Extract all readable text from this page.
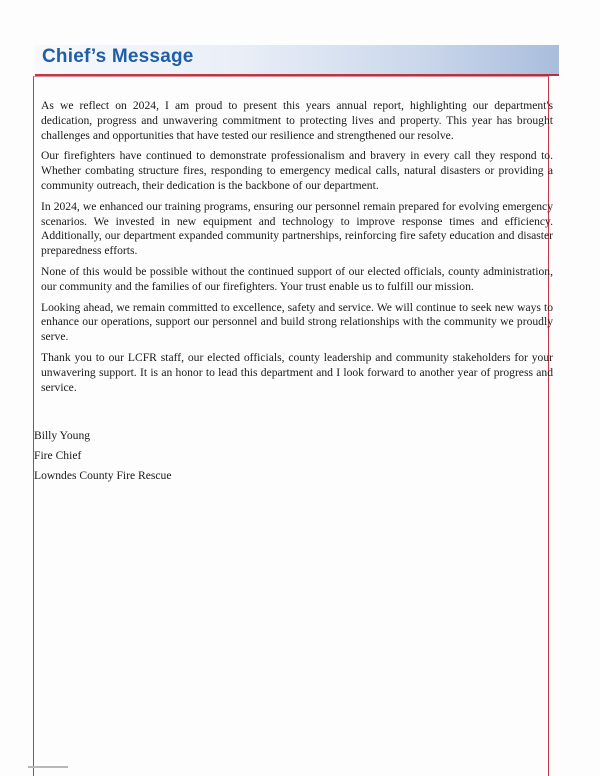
Chief’s Message

As we reflect on 2024, I am proud to present this years annual report, highlighting our department's dedication, progress and unwavering commitment to protecting lives and property. This year has brought challenges and opportunities that have tested our resilience and strengthened our resolve.

Our firefighters have continued to demonstrate professionalism and bravery in every call they respond to. Whether combating structure fires, responding to emergency medical calls, natural disasters or providing a community outreach, their dedication is the backbone of our department.

In 2024, we enhanced our training programs, ensuring our personnel remain prepared for evolving emergency scenarios. We invested in new equipment and technology to improve response times and efficiency. Additionally, our department expanded community partnerships, reinforcing fire safety education and disaster preparedness efforts.

None of this would be possible without the continued support of our elected officials, county administration, our community and the families of our firefighters. Your trust enable us to fulfill our mission.

Looking ahead, we remain committed to excellence, safety and service. We will continue to seek new ways to enhance our operations, support our personnel and build strong relationships with the community we proudly serve.

Thank you to our LCFR staff, our elected officials, county leadership and community stakeholders for your unwavering support. It is an honor to lead this department and I look forward to another year of progress and service.

Billy Young
Fire Chief
Lowndes County Fire Rescue
